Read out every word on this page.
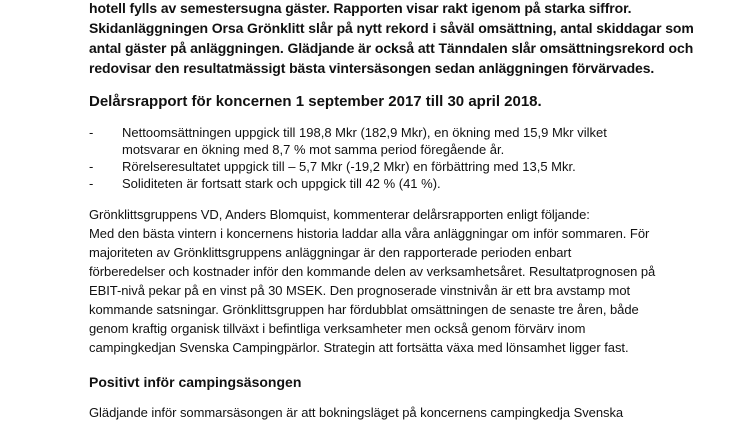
hotell fylls av semestersugna gäster. Rapporten visar rakt igenom på starka siffror.
Skidanläggningen Orsa Grönklitt slår på nytt rekord i såväl omsättning, antal skiddagar som
antal gäster på anläggningen. Glädjande är också att Tänndalen slår omsättningsrekord och
redovisar den resultatmässigt bästa vintersäsongen sedan anläggningen förvärvades.
Delårsrapport för koncernen 1 september 2017 till 30 april 2018.
- Nettoomsättningen uppgick till 198,8 Mkr (182,9 Mkr), en ökning med 15,9 Mkr vilket
motsvarar en ökning med 8,7 % mot samma period föregående år.
- Rörelseresultatet uppgick till – 5,7 Mkr (-19,2 Mkr) en förbättring med 13,5 Mkr.
- Soliditeten är fortsatt stark och uppgick till 42 % (41 %).
Grönklittsgruppens VD, Anders Blomquist, kommenterar delårsrapporten enligt följande:
Med den bästa vintern i koncernens historia laddar alla våra anläggningar om inför sommaren. För
majoriteten av Grönklittsgruppens anläggningar är den rapporterade perioden enbart
förberedelser och kostnader inför den kommande delen av verksamhetsåret. Resultatprognosen på
EBIT-nivå pekar på en vinst på 30 MSEK. Den prognoserade vinstnivån är ett bra avstamp mot
kommande satsningar. Grönklittsgruppen har fördubblat omsättningen de senaste tre åren, både
genom kraftig organisk tillväxt i befintliga verksamheter men också genom förvärv inom
campingkedjan Svenska Campingpärlor. Strategin att fortsätta växa med lönsamhet ligger fast.
Positivt inför campingsäsongen
Glädjande inför sommarsäsongen är att bokningsläget på koncernens campingkedja Svenska
